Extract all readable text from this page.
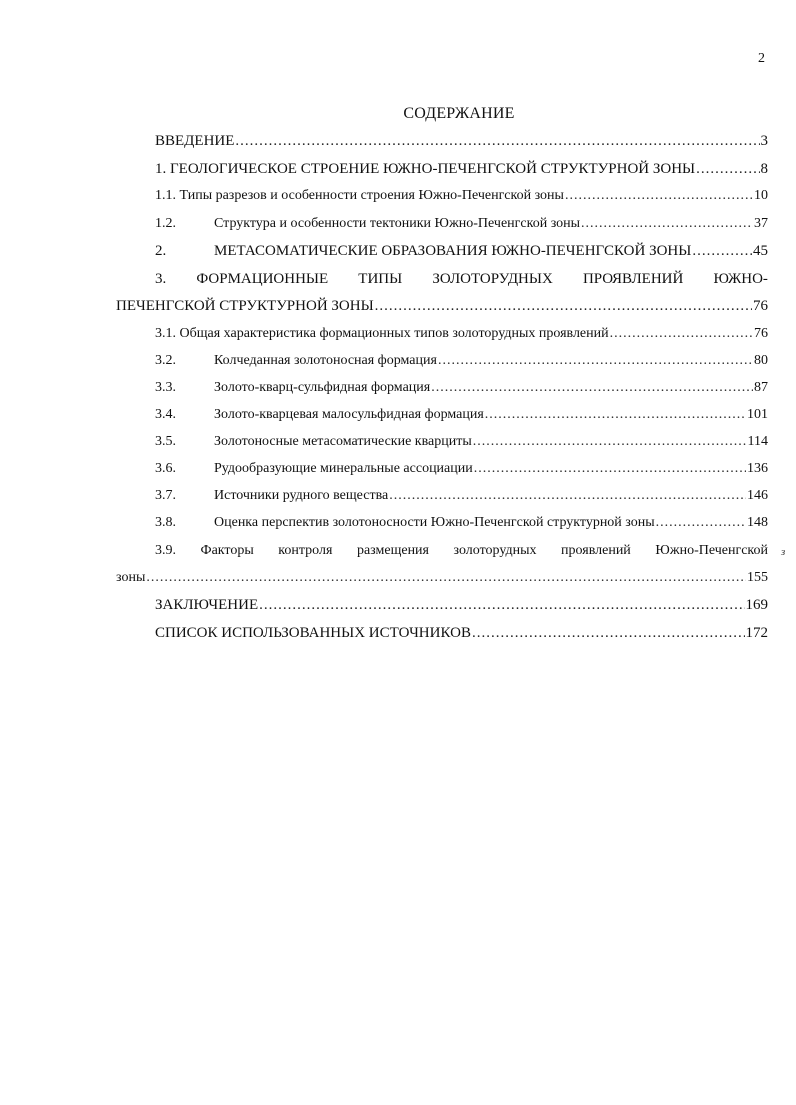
2
СОДЕРЖАНИЕ
з
ВВЕДЕНИЕ .....	3
1. ГЕОЛОГИЧЕСКОЕ СТРОЕНИЕ ЮЖНО-ПЕЧЕНГСКОЙ СТРУКТУРНОЙ ЗОНЫ .....	8
1.1. Типы разрезов и особенности строения Южно-Печенгской зоны .....	10
1.2.	Структура и особенности тектоники Южно-Печенгской зоны .....	37
2.	МЕТАСОМАТИЧЕСКИЕ ОБРАЗОВАНИЯ ЮЖНО-ПЕЧЕНГСКОЙ ЗОНЫ .....	45
3. ФОРМАЦИОННЫЕ ТИПЫ ЗОЛОТОРУДНЫХ ПРОЯВЛЕНИЙ ЮЖНО-
ПЕЧЕНГСКОЙ СТРУКТУРНОЙ ЗОНЫ .....	76
3.1. Общая характеристика формационных типов золоторудных проявлений .....	76
3.2.	Колчеданная золотоносная формация .....	80
3.3.	Золото-кварц-сульфидная формация .....	87
3.4.	Золото-кварцевая малосульфидная формация .....	101
3.5.	Золотоносные метасоматические кварциты .....	114
3.6.	Рудообразующие минеральные ассоциации .....	136
3.7.	Источники рудного вещества .....	146
3.8.	Оценка перспектив золотоносности Южно-Печенгской структурной зоны .....	148
3.9. Факторы контроля размещения золоторудных проявлений Южно-Печенгской
зоны .....	155
ЗАКЛЮЧЕНИЕ .....	169
СПИСОК ИСПОЛЬЗОВАННЫХ ИСТОЧНИКОВ .....	172
